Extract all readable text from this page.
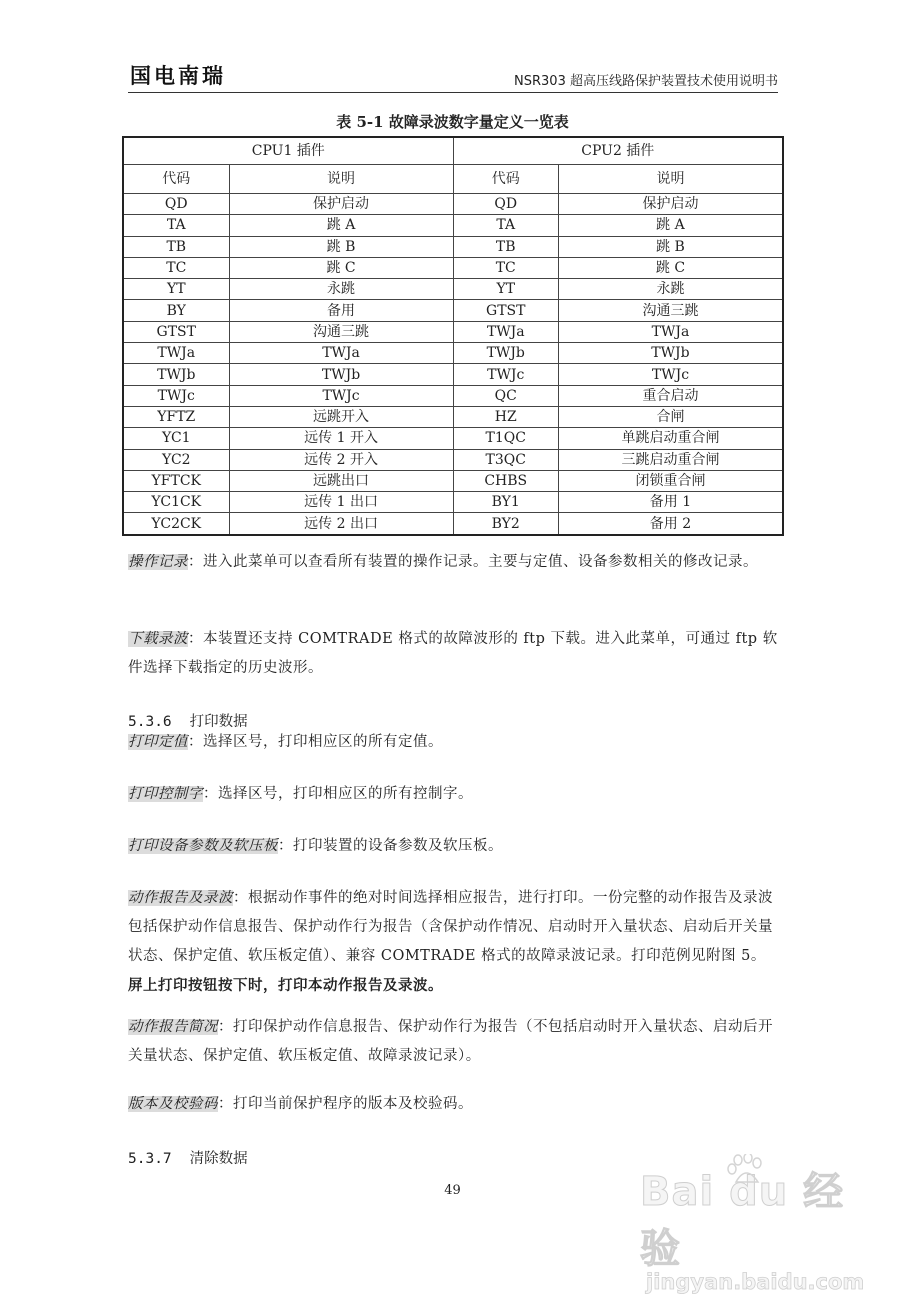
国电南瑞	NSR303 超高压线路保护装置技术使用说明书
表 5-1 故障录波数字量定义一览表
CPU1 插件		CPU2 插件	
代码	说明	代码	说明
QD	保护启动	QD	保护启动
TA	跳 A	TA	跳 A
TB	跳 B	TB	跳 B
TC	跳 C	TC	跳 C
YT	永跳	YT	永跳
BY	备用	GTST	沟通三跳
GTST	沟通三跳	TWJa	TWJa
TWJa	TWJa	TWJb	TWJb
TWJb	TWJb	TWJc	TWJc
TWJc	TWJc	QC	重合启动
YFTZ	远跳开入	HZ	合闸
YC1	远传 1 开入	T1QC	单跳启动重合闸
YC2	远传 2 开入	T3QC	三跳启动重合闸
YFTCK	远跳出口	CHBS	闭锁重合闸
YC1CK	远传 1 出口	BY1	备用 1
YC2CK	远传 2 出口	BY2	备用 2
操作记录：进入此菜单可以查看所有装置的操作记录。主要与定值、设备参数相关的修改记录。
下载录波：本装置还支持 COMTRADE 格式的故障波形的 ftp 下载。进入此菜单，可通过 ftp 软件选择下载指定的历史波形。
5.3.6 打印数据
打印定值：选择区号，打印相应区的所有定值。
打印控制字：选择区号，打印相应区的所有控制字。
打印设备参数及软压板：打印装置的设备参数及软压板。
动作报告及录波：根据动作事件的绝对时间选择相应报告，进行打印。一份完整的动作报告及录波包括保护动作信息报告、保护动作行为报告（含保护动作情况、启动时开入量状态、启动后开关量状态、保护定值、软压板定值）、兼容 COMTRADE 格式的故障录波记录。打印范例见附图 5。屏上打印按钮按下时，打印本动作报告及录波。
动作报告简况：打印保护动作信息报告、保护动作行为报告（不包括启动时开入量状态、启动后开关量状态、保护定值、软压板定值、故障录波记录）。
版本及校验码：打印当前保护程序的版本及校验码。
5.3.7 清除数据
49	Bai du 经验
jingyan.baidu.com
